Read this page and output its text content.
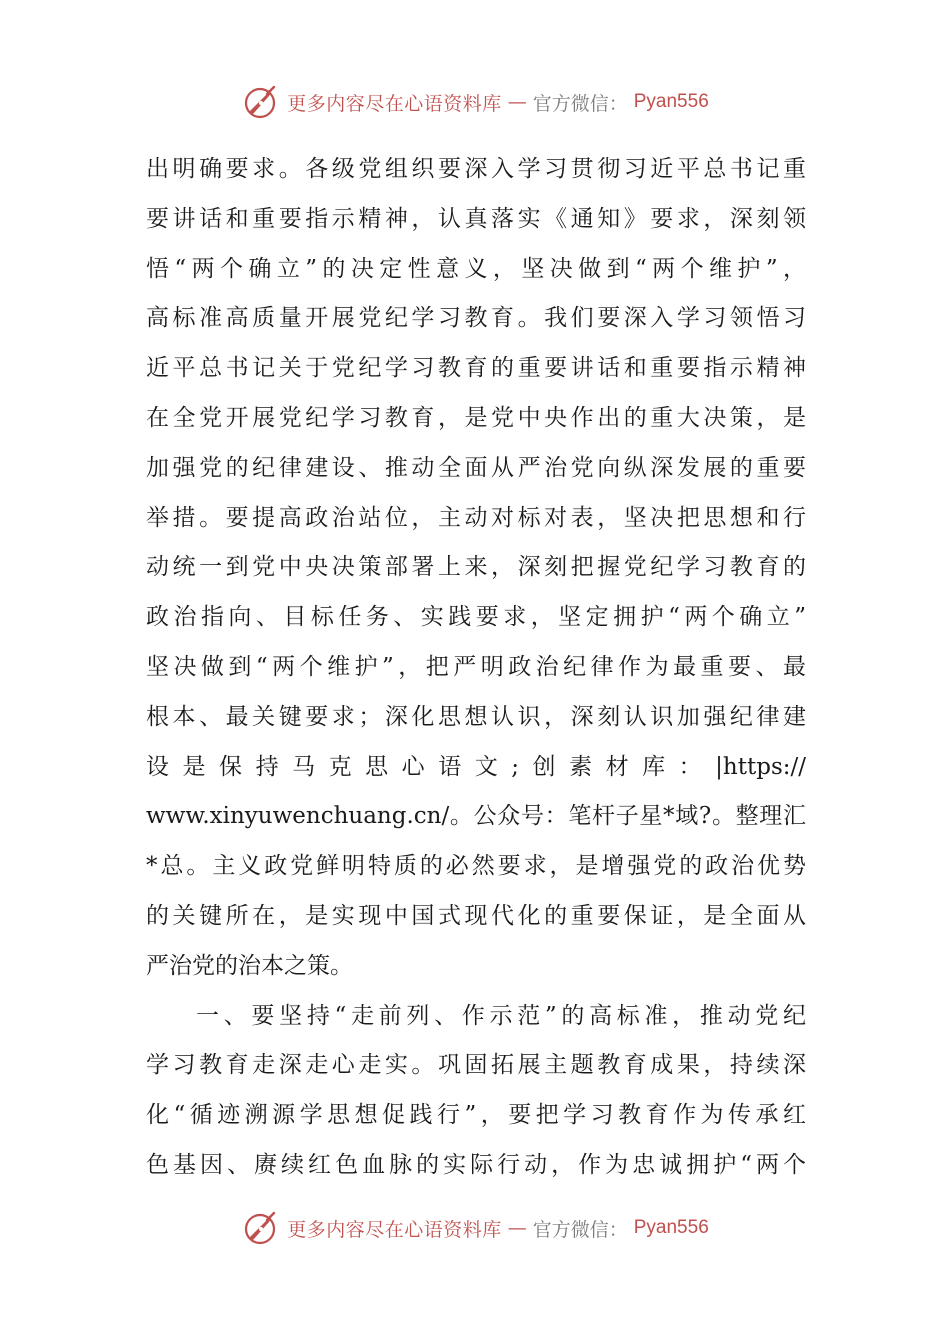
更多内容尽在心语资料库 — 官方微信： Pyan556
出明确要求。各级党组织要深入学习贯彻习近平总书记重
要讲话和重要指示精神，认真落实《通知》要求，深刻领
悟“两个确立”的决定性意义，坚决做到“两个维护”，
高标准高质量开展党纪学习教育。我们要深入学习领悟习
近平总书记关于党纪学习教育的重要讲话和重要指示精神
在全党开展党纪学习教育，是党中央作出的重大决策，是
加强党的纪律建设、推动全面从严治党向纵深发展的重要
举措。要提高政治站位，主动对标对表，坚决把思想和行
动统一到党中央决策部署上来，深刻把握党纪学习教育的
政治指向、目标任务、实践要求，坚定拥护“两个确立”
坚决做到“两个维护”，把严明政治纪律作为最重要、最
根本、最关键要求；深化思想认识，深刻认识加强纪律建
设是保持马克思心语文;创素材库：|https://
www.xinyuwenchuang.cn/。公众号：笔杆子星*域?。整理汇
*总。主义政党鲜明特质的必然要求，是增强党的政治优势
的关键所在，是实现中国式现代化的重要保证，是全面从
严治党的治本之策。
一、要坚持“走前列、作示范”的高标准，推动党纪
学习教育走深走心走实。巩固拓展主题教育成果，持续深
化“循迹溯源学思想促践行”，要把学习教育作为传承红
色基因、赓续红色血脉的实际行动，作为忠诚拥护“两个
更多内容尽在心语资料库 — 官方微信： Pyan556
